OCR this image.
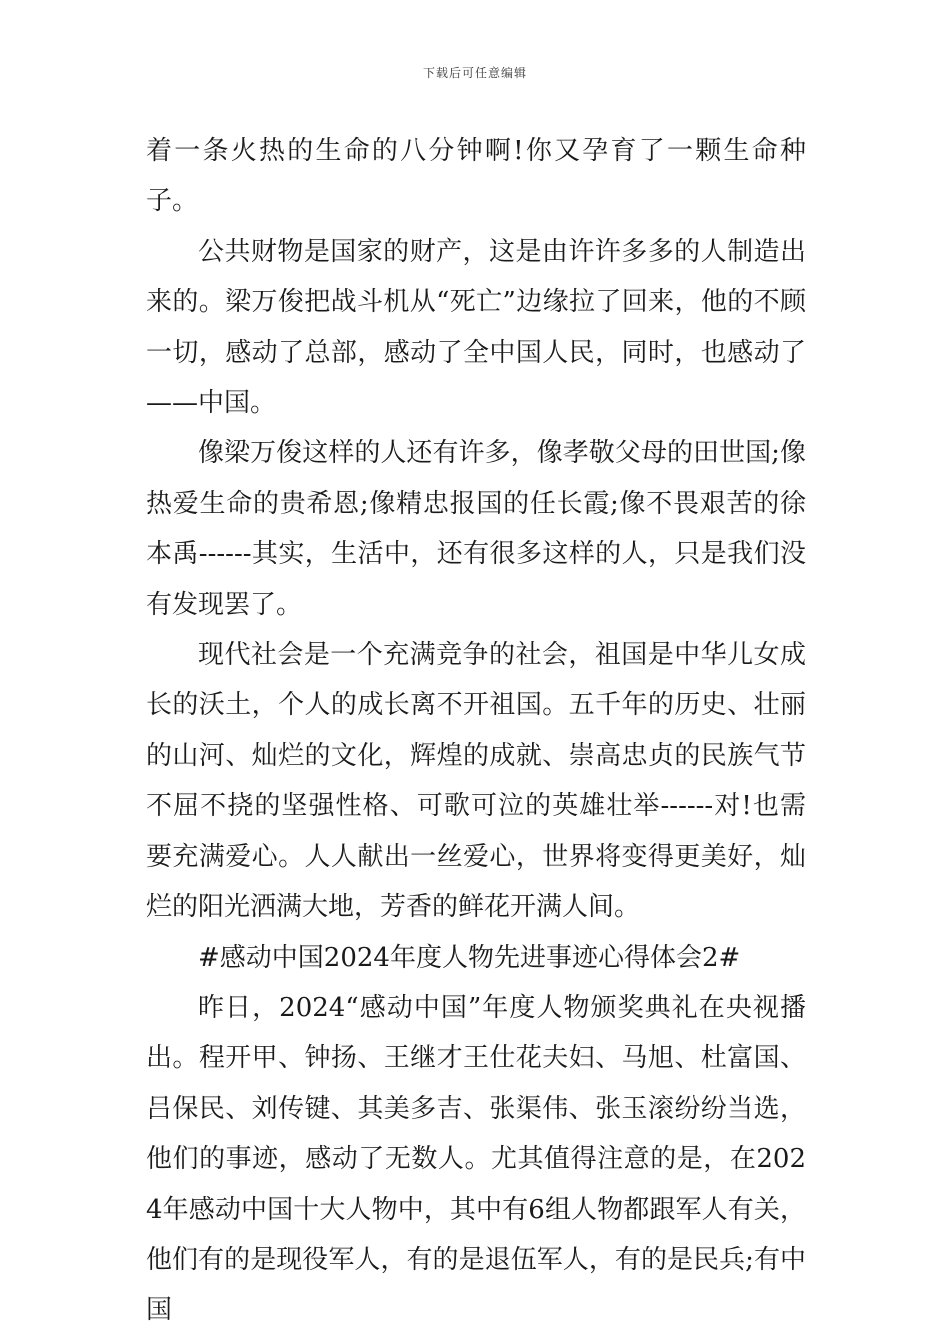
下载后可任意编辑

着一条火热的生命的八分钟啊!你又孕育了一颗生命种子。

公共财物是国家的财产，这是由许许多多的人制造出来的。梁万俊把战斗机从“死亡”边缘拉了回来，他的不顾一切，感动了总部，感动了全中国人民，同时，也感动了——中国。

像梁万俊这样的人还有许多，像孝敬父母的田世国;像热爱生命的贵希恩;像精忠报国的任长霞;像不畏艰苦的徐本禹------其实，生活中，还有很多这样的人，只是我们没有发现罢了。

现代社会是一个充满竞争的社会，祖国是中华儿女成长的沃土，个人的成长离不开祖国。五千年的历史、壮丽的山河、灿烂的文化，辉煌的成就、崇高忠贞的民族气节不屈不挠的坚强性格、可歌可泣的英雄壮举------对!也需要充满爱心。人人献出一丝爱心，世界将变得更美好，灿烂的阳光洒满大地，芳香的鲜花开满人间。

#感动中国2024年度人物先进事迹心得体会2#

昨日，2024“感动中国”年度人物颁奖典礼在央视播出。程开甲、钟扬、王继才王仕花夫妇、马旭、杜富国、吕保民、刘传键、其美多吉、张渠伟、张玉滚纷纷当选，他们的事迹，感动了无数人。尤其值得注意的是，在2024年感动中国十大人物中，其中有6组人物都跟军人有关，他们有的是现役军人，有的是退伍军人，有的是民兵;有中国
